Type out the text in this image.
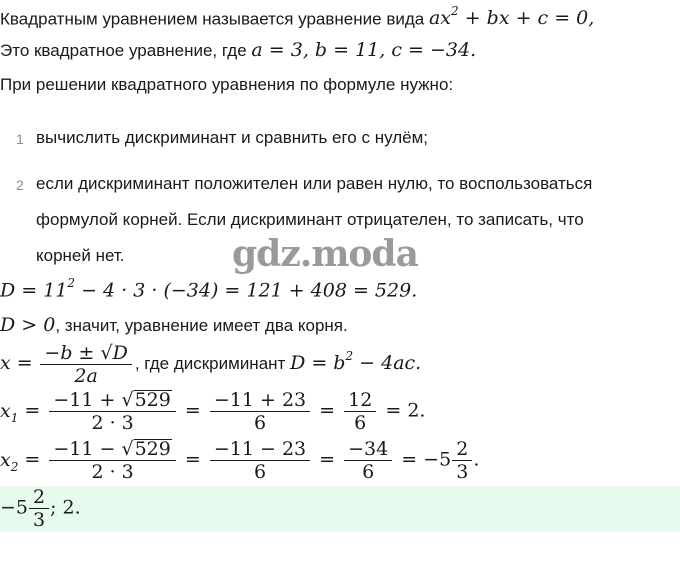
Квадратным уравнением называется уравнение вида $ax^2$ + bx + c = 0,
Это квадратное уравнение, где a = 3, b = 11, c = −34.
При решении квадратного уравнения по формуле нужно:
1 вычислить дискриминант и сравнить его с нулём;
2 если дискриминант положителен или равен нулю, то воспользоваться
формулой корней. Если дискриминант отрицателен, то записать, что
корней нет.	gdz.moda
$D = 11^2 - 4 \cdot 3 \cdot (-34) = 121 + 408 = 529$.
D > 0, значит, уравнение имеет два корня.
$x = \frac{-b \pm √D}{2a}$ , где дискриминант $D = b^2 - 4ac$.
$x_1 = \frac{-11 + √529}{2 \cdot 3} = \frac{-11 + 23}{6} = \frac{12}{6} = 2$.
$x_2 = \frac{-11 - √529}{2 \cdot 3} = \frac{-11 - 23}{6} = \frac{-34}{6} = -5 \frac{2}{3}$ .
$-5 \frac{2}{3}$ ; 2.
